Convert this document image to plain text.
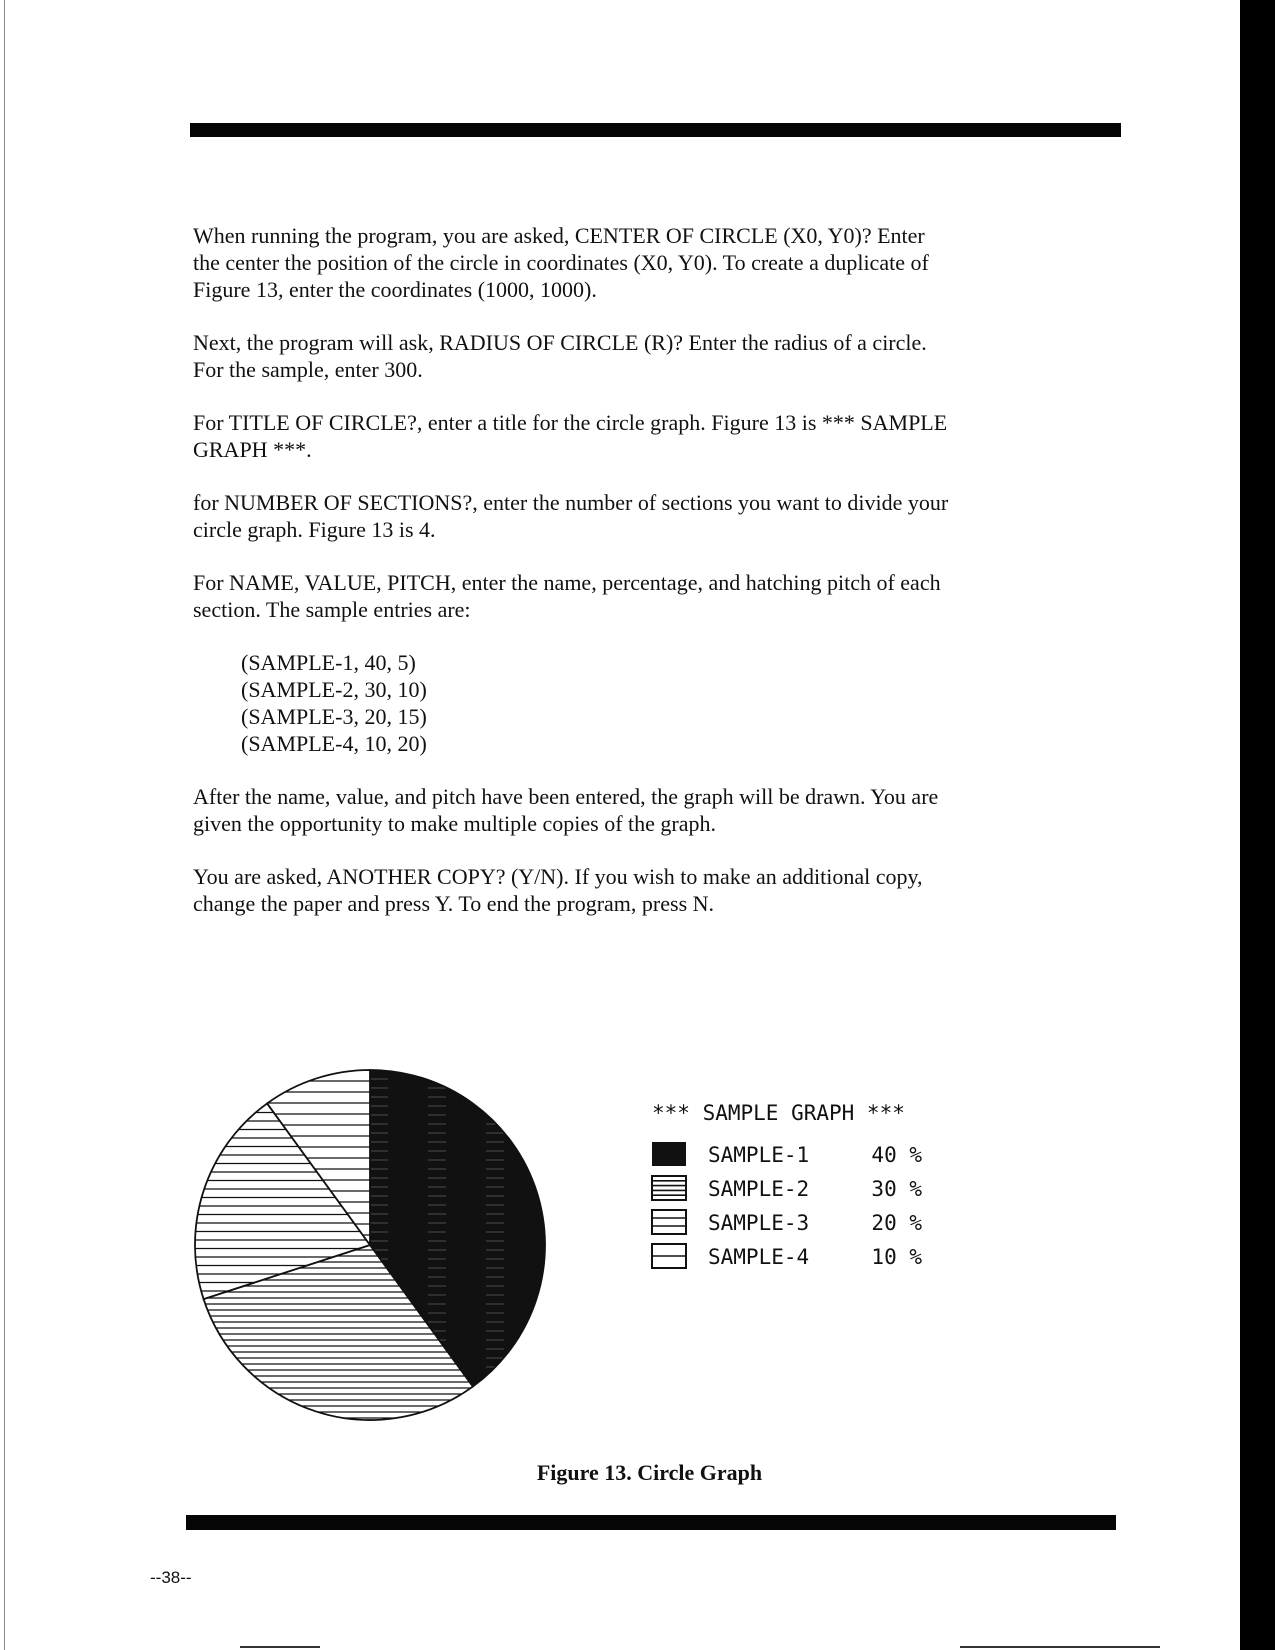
When running the program, you are asked, CENTER OF CIRCLE (X0, Y0)? Enter the center the position of the circle in coordinates (X0, Y0). To create a duplicate of Figure 13, enter the coordinates (1000, 1000).

Next, the program will ask, RADIUS OF CIRCLE (R)? Enter the radius of a circle. For the sample, enter 300.

For TITLE OF CIRCLE?, enter a title for the circle graph. Figure 13 is *** SAMPLE GRAPH ***.

for NUMBER OF SECTIONS?, enter the number of sections you want to divide your circle graph. Figure 13 is 4.

For NAME, VALUE, PITCH, enter the name, percentage, and hatching pitch of each section. The sample entries are:

(SAMPLE-1, 40, 5)
(SAMPLE-2, 30, 10)
(SAMPLE-3, 20, 15)
(SAMPLE-4, 10, 20)

After the name, value, and pitch have been entered, the graph will be drawn. You are given the opportunity to make multiple copies of the graph.

You are asked, ANOTHER COPY? (Y/N). If you wish to make an additional copy, change the paper and press Y. To end the program, press N.

*** SAMPLE GRAPH ***
SAMPLE-1	40 %
SAMPLE-2	30 %
SAMPLE-3	20 %
SAMPLE-4	10 %
Figure 13. Circle Graph
--38--
